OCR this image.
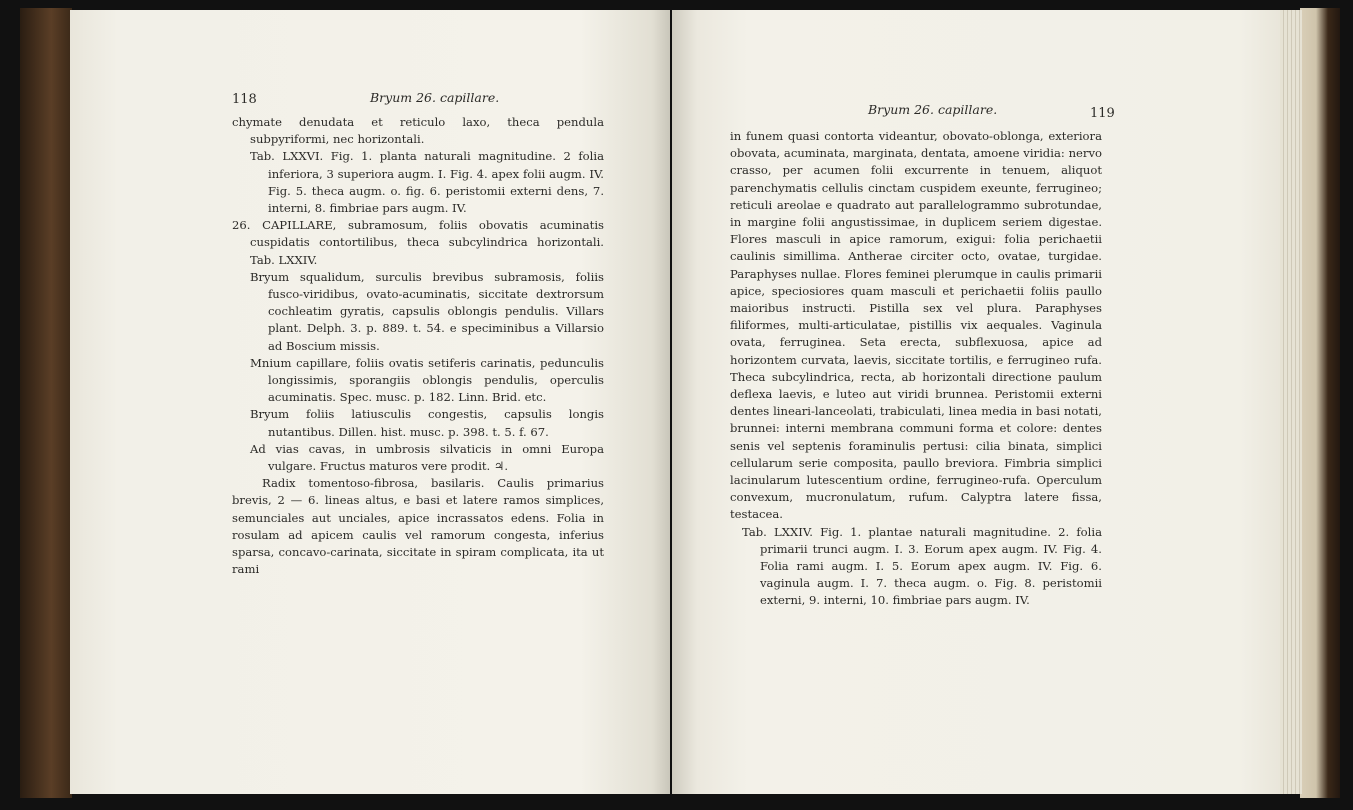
118	Bryum 26. capillare.

chymate denudata et reticulo laxo, theca pendula subpyriformi, nec horizontali.

Tab. LXXVI. Fig. 1. planta naturali magnitudine. 2 folia inferiora, 3 superiora augm. I. Fig. 4. apex folii augm. IV. Fig. 5. theca augm. o. fig. 6. peristomii externi dens, 7. interni, 8. fimbriae pars augm. IV.

26. CAPILLARE, subramosum, foliis obovatis acuminatis cuspidatis contortilibus, theca subcylindrica horizontali. Tab. LXXIV.

Bryum squalidum, surculis brevibus subramosis, foliis fusco-viridibus, ovato-acuminatis, siccitate dextrorsum cochleatim gyratis, capsulis oblongis pendulis. Villars plant. Delph. 3. p. 889. t. 54. e speciminibus a Villarsio ad Boscium missis.

Mnium capillare, foliis ovatis setiferis carinatis, pedunculis longissimis, sporangiis oblongis pendulis, operculis acuminatis. Spec. musc. p. 182. Linn. Brid. etc.

Bryum foliis latiusculis congestis, capsulis longis nutantibus. Dillen. hist. musc. p. 398. t. 5. f. 67.

Ad vias cavas, in umbrosis silvaticis in omni Europa vulgare. Fructus maturos vere prodit. ♃.

Radix tomentoso-fibrosa, basilaris. Caulis primarius brevis, 2 — 6. lineas altus, e basi et latere ramos simplices, semunciales aut unciales, apice incrassatos edens. Folia in rosulam ad apicem caulis vel ramorum congesta, inferius sparsa, concavo-carinata, siccitate in spiram complicata, ita ut rami

Bryum 26. capillare.	119

in funem quasi contorta videantur, obovato-oblonga, exteriora obovata, acuminata, marginata, dentata, amoene viridia: nervo crasso, per acumen folii excurrente in tenuem, aliquot parenchymatis cellulis cinctam cuspidem exeunte, ferrugineo; reticuli areolae e quadrato aut parallelogrammo subrotundae, in margine folii angustissimae, in duplicem seriem digestae. Flores masculi in apice ramorum, exigui: folia perichaetii caulinis simillima. Antherae circiter octo, ovatae, turgidae. Paraphyses nullae. Flores feminei plerumque in caulis primarii apice, speciosiores quam masculi et perichaetii foliis paullo maioribus instructi. Pistilla sex vel plura. Paraphyses filiformes, multi-articulatae, pistillis vix aequales. Vaginula ovata, ferruginea. Seta erecta, subflexuosa, apice ad horizontem curvata, laevis, siccitate tortilis, e ferrugineo rufa. Theca subcylindrica, recta, ab horizontali directione paulum deflexa laevis, e luteo aut viridi brunnea. Peristomii externi dentes lineari-lanceolati, trabiculati, linea media in basi notati, brunnei: interni membrana communi forma et colore: dentes senis vel septenis foraminulis pertusi: cilia binata, simplici cellularum serie composita, paullo breviora. Fimbria simplici lacinularum lutescentium ordine, ferrugineo-rufa. Operculum convexum, mucronulatum, rufum. Calyptra latere fissa, testacea.

Tab. LXXIV. Fig. 1. plantae naturali magnitudine. 2. folia primarii trunci augm. I. 3. Eorum apex augm. IV. Fig. 4. Folia rami augm. I. 5. Eorum apex augm. IV. Fig. 6. vaginula augm. I. 7. theca augm. o. Fig. 8. peristomii externi, 9. interni, 10. fimbriae pars augm. IV.
